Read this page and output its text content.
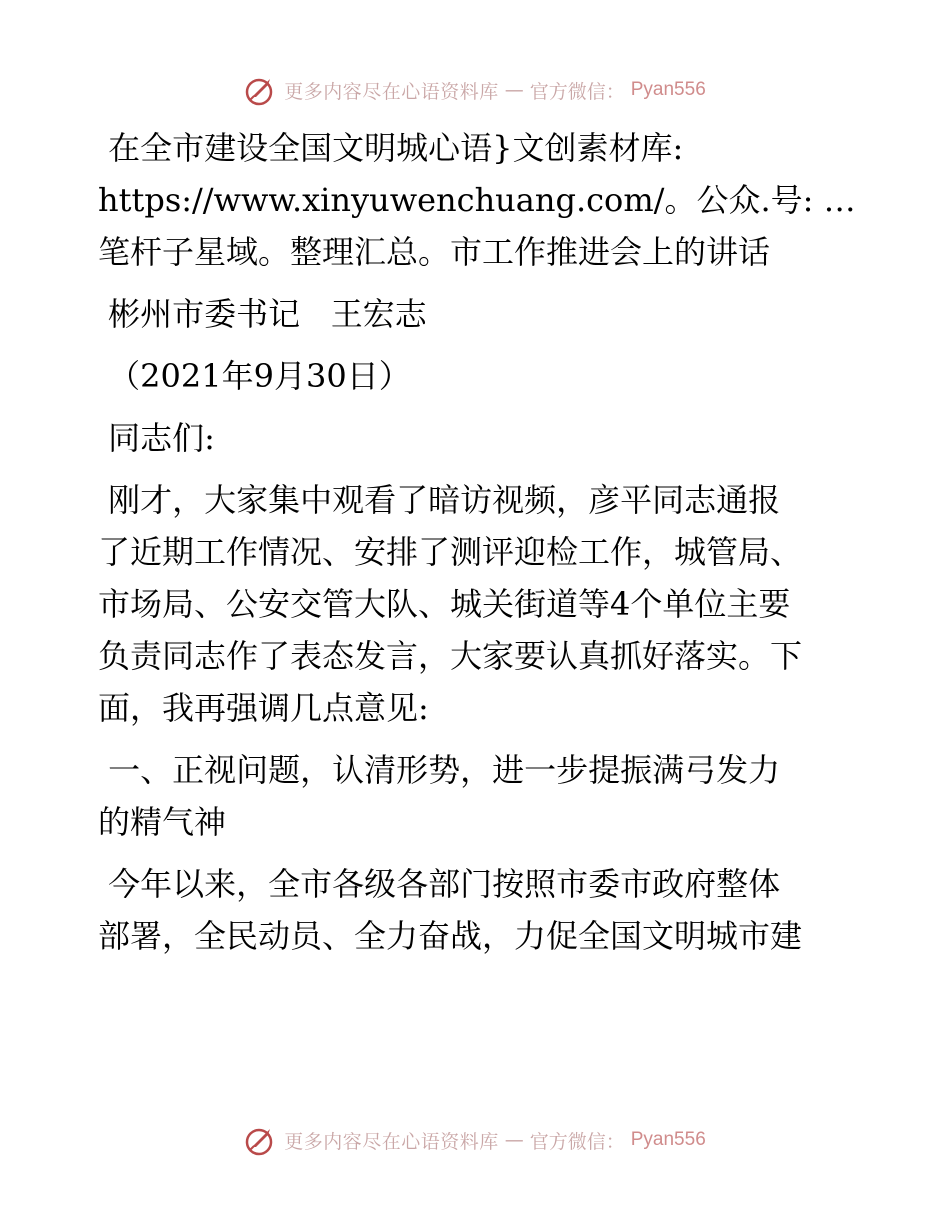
更多内容尽在心语资料库 — 官方微信： Pyan556

在全市建设全国文明城心语}文创素材库:

https://www.xinyuwenchuang.com/。公众.号: …

笔杆子星域。整理汇总。市工作推进会上的讲话

彬州市委书记   王宏志

（2021年9月30日）

同志们:

刚才，大家集中观看了暗访视频，彦平同志通报

了近期工作情况、安排了测评迎检工作，城管局、

市场局、公安交管大队、城关街道等4个单位主要

负责同志作了表态发言，大家要认真抓好落实。下

面，我再强调几点意见:

一、正视问题，认清形势，进一步提振满弓发力

的精气神

今年以来，全市各级各部门按照市委市政府整体

部署，全民动员、全力奋战，力促全国文明城市建

更多内容尽在心语资料库 — 官方微信： Pyan556
